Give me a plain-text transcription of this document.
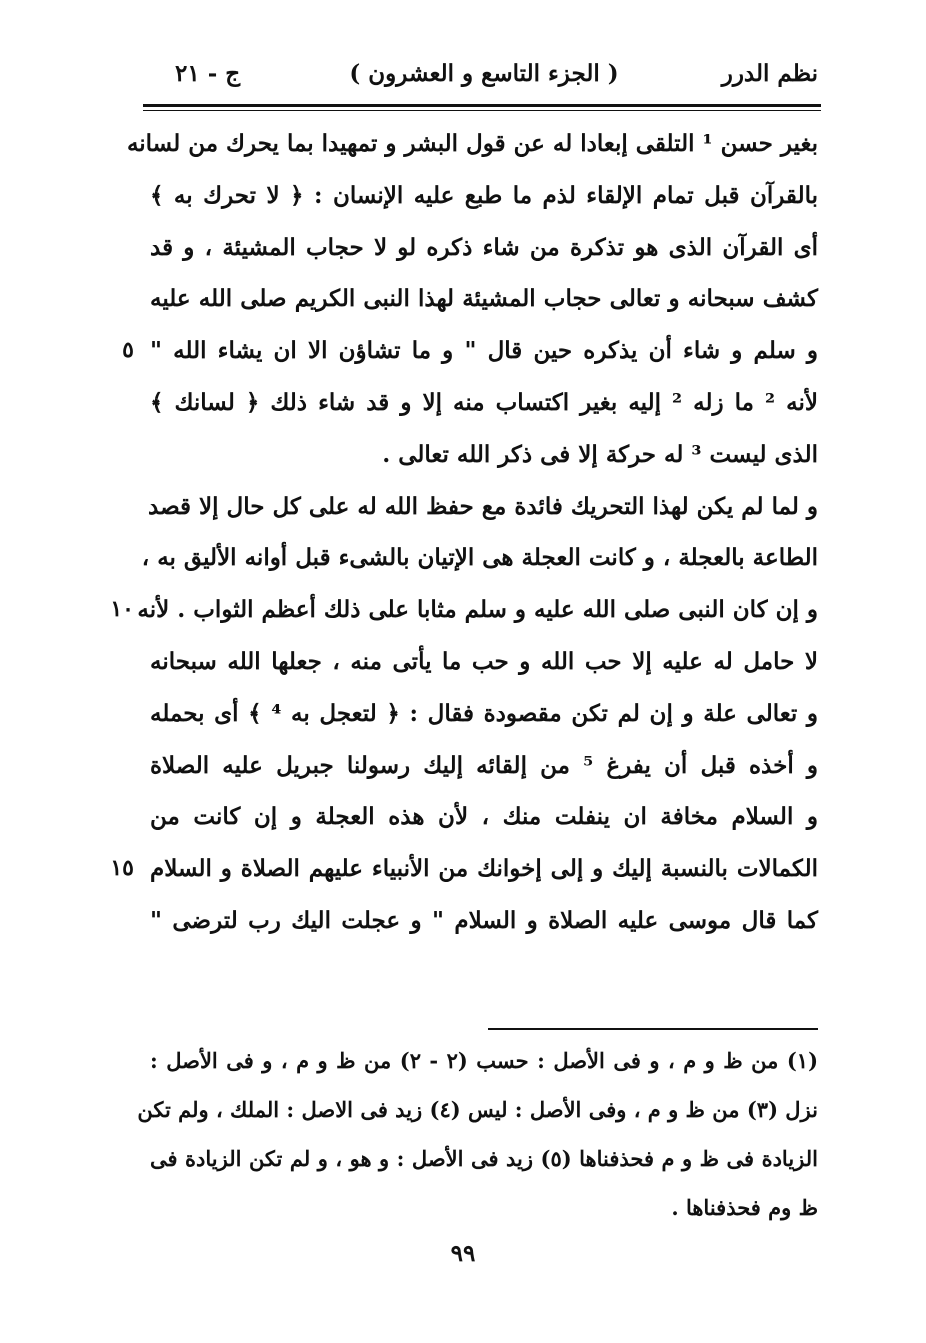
نظم الدرر
( الجزء التاسع و العشرون )
ج - ٢١
بغير حسن ¹ التلقى إبعادا له عن قول البشر و تمهيدا بما يحرك من لسانه
بالقرآن قبل تمام الإلقاء لذم ما طبع عليه الإنسان : ﴿ لا تحرك به ﴾
أى القرآن الذى هو تذكرة من شاء ذكره لو لا حجاب المشيئة ، و قد
كشف سبحانه و تعالى حجاب المشيئة لهذا النبى الكريم صلى الله عليه
و سلم و شاء أن يذكره حين قال " و ما تشاؤن الا ان يشاء الله "
٥
لأنه ² ما زله ² إليه بغير اكتساب منه إلا و قد شاء ذلك ﴿ لسانك ﴾
الذى ليست ³ له حركة إلا فى ذكر الله تعالى .
و لما لم يكن لهذا التحريك فائدة مع حفظ الله له على كل حال إلا قصد
الطاعة بالعجلة ، و كانت العجلة هى الإتيان بالشىء قبل أوانه الأليق به ،
و إن كان النبى صلى الله عليه و سلم مثابا على ذلك أعظم الثواب . لأنه
١٠
لا حامل له عليه إلا حب الله و حب ما يأتى منه ، جعلها الله سبحانه
و تعالى علة و إن لم تكن مقصودة فقال : ﴿ لتعجل به ⁴ ﴾ أى بحمله
و أخذه قبل أن يفرغ ⁵ من إلقائه إليك رسولنا جبريل عليه الصلاة
و السلام مخافة ان ينفلت منك ، لأن هذه العجلة و إن كانت من
الكمالات بالنسبة إليك و إلى إخوانك من الأنبياء عليهم الصلاة و السلام
١٥
كما قال موسى عليه الصلاة و السلام " و عجلت اليك رب لترضى "
(١) من ظ و م ، و فى الأصل : حسب (٢ - ٢) من ظ و م ، و فى الأصل :
نزل (٣) من ظ و م ، وفى الأصل : ليس (٤) زيد فى الاصل : الملك ، ولم تكن
الزيادة فى ظ و م فحذفناها (٥) زيد فى الأصل : و هو ، و لم تكن الزيادة فى
ظ وم فحذفناها .
٩٩
